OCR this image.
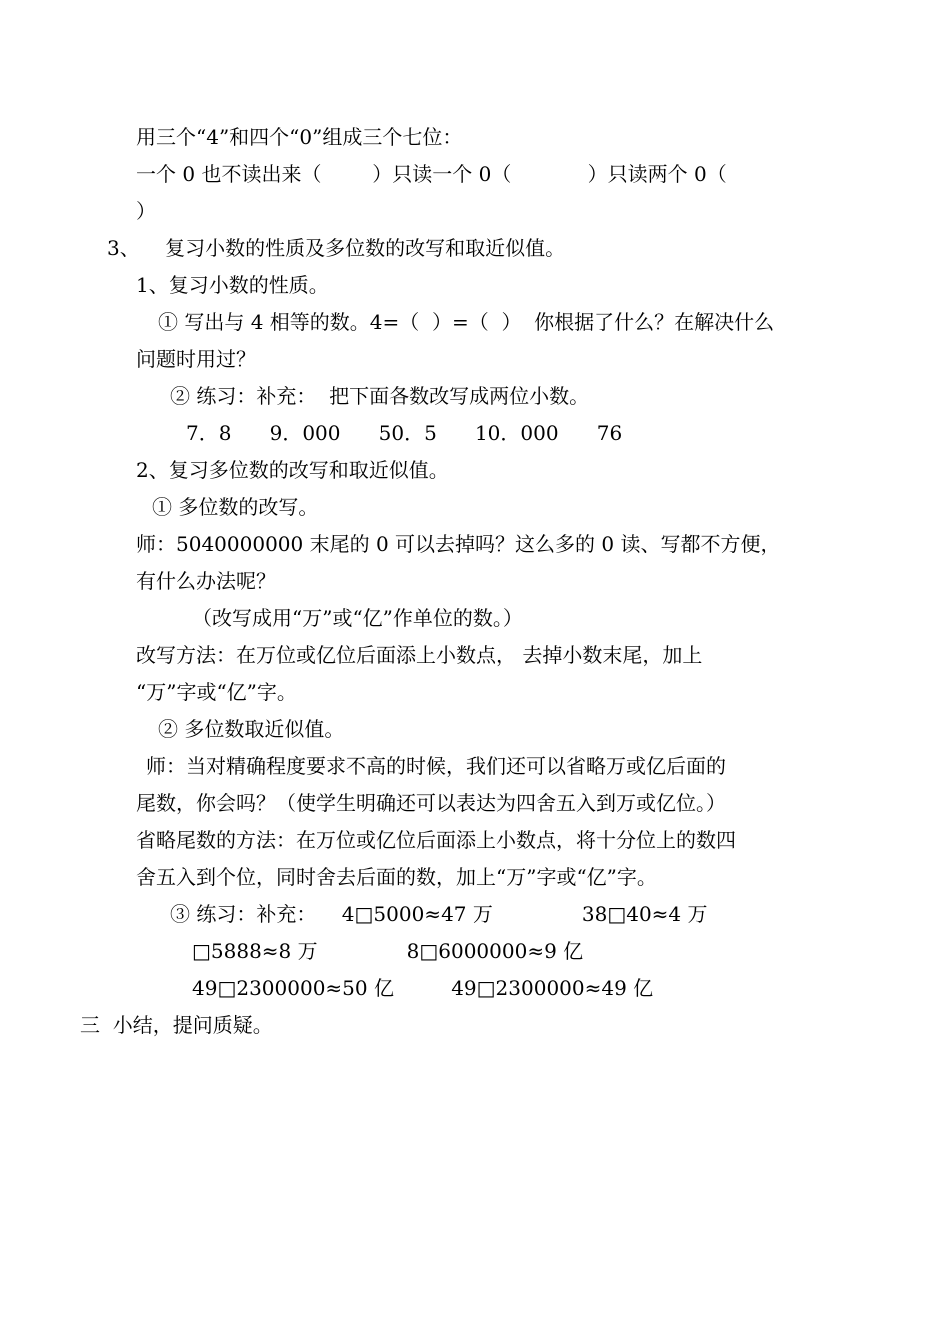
用三个“4”和四个“0”组成三个七位：
一个 0 也不读出来（        ）只读一个 0（            ）只读两个 0（
）
3、    复习小数的性质及多位数的改写和取近似值。
1、复习小数的性质。
① 写出与 4 相等的数。4=（  ）=（  ）  你根据了什么？在解决什么
问题时用过？
② 练习：补充：  把下面各数改写成两位小数。
7．8      9．000      50．5      10．000      76
2、复习多位数的改写和取近似值。
① 多位数的改写。
师：5040000000 末尾的 0 可以去掉吗？这么多的 0 读、写都不方便，
有什么办法呢？
（改写成用“万”或“亿”作单位的数。）
改写方法：在万位或亿位后面添上小数点， 去掉小数末尾，加上
“万”字或“亿”字。
② 多位数取近似值。
师：当对精确程度要求不高的时候，我们还可以省略万或亿后面的
尾数，你会吗？（使学生明确还可以表达为四舍五入到万或亿位。）
省略尾数的方法：在万位或亿位后面添上小数点，将十分位上的数四
舍五入到个位，同时舍去后面的数，加上“万”字或“亿”字。
③ 练习：补充：    4□5000≈47 万              38□40≈4 万
□5888≈8 万              8□6000000≈9 亿
49□2300000≈50 亿         49□2300000≈49 亿
三  小结，提问质疑。
